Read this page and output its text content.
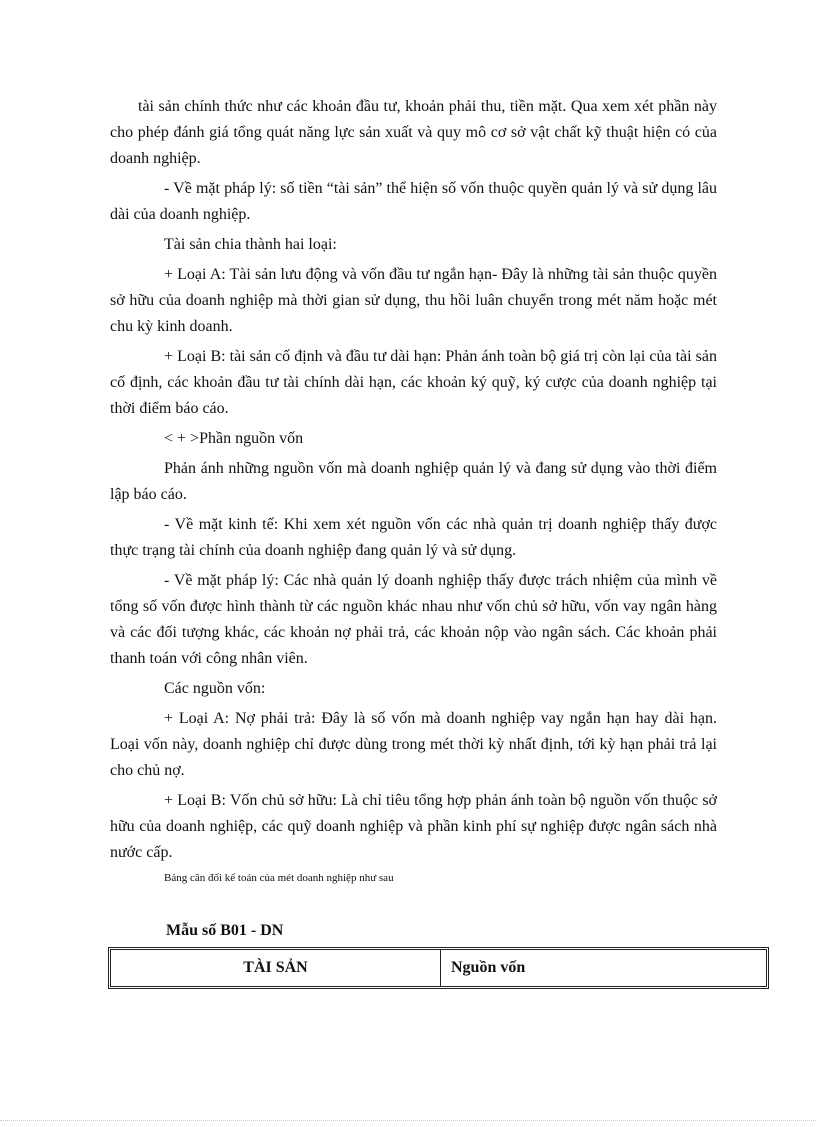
tài sản chính thức như các khoản đầu tư, khoản phải thu, tiền mặt. Qua xem xét phần này cho phép đánh giá tổng quát năng lực sản xuất và quy mô cơ sở vật chất kỹ thuật hiện có của doanh nghiệp.

- Về mặt pháp lý: số tiền “tài sản” thể hiện số vốn thuộc quyền quản lý và sử dụng lâu dài của doanh nghiệp.

Tài sản chia thành hai loại:

+ Loại A: Tài sản lưu động và vốn đầu tư ngắn hạn- Đây là những tài sản thuộc quyền sở hữu của doanh nghiệp mà thời gian sử dụng, thu hồi luân chuyển trong mét năm hoặc mét chu kỳ kinh doanh.

+ Loại B: tài sản cố định và đầu tư dài hạn: Phản ánh toàn bộ giá trị còn lại của tài sản cố định, các khoản đầu tư tài chính dài hạn, các khoản ký quỹ, ký cược của doanh nghiệp tại thời điểm báo cáo.

< + >Phần nguồn vốn

Phản ánh những nguồn vốn mà doanh nghiệp quản lý và đang sử dụng vào thời điểm lập báo cáo.

- Về mặt kinh tế: Khi xem xét nguồn vốn các nhà quản trị doanh nghiệp thấy được thực trạng tài chính của doanh nghiệp đang quản lý và sử dụng.

- Về mặt pháp lý: Các nhà quản lý doanh nghiệp thấy được trách nhiệm của mình về tổng số vốn được hình thành từ các nguồn khác nhau như vốn chủ sở hữu, vốn vay ngân hàng và các đối tượng khác, các khoản nợ phải trả, các khoản nộp vào ngân sách. Các khoản phải thanh toán với công nhân viên.

Các nguồn vốn:

+ Loại A: Nợ phải trả: Đây là số vốn mà doanh nghiệp vay ngắn hạn hay dài hạn. Loại vốn này, doanh nghiệp chỉ được dùng trong mét thời kỳ nhất định, tới kỳ hạn phải trả lại cho chủ nợ.

+ Loại B: Vốn chủ sở hữu: Là chỉ tiêu tổng hợp phản ánh toàn bộ nguồn vốn thuộc sở hữu của doanh nghiệp, các quỹ doanh nghiệp và phần kinh phí sự nghiệp được ngân sách nhà nước cấp.

Bảng cân đối kế toán của mét doanh nghiệp như sau

Mẫu số B01 - DN

TÀI SẢN	Nguồn vốn
